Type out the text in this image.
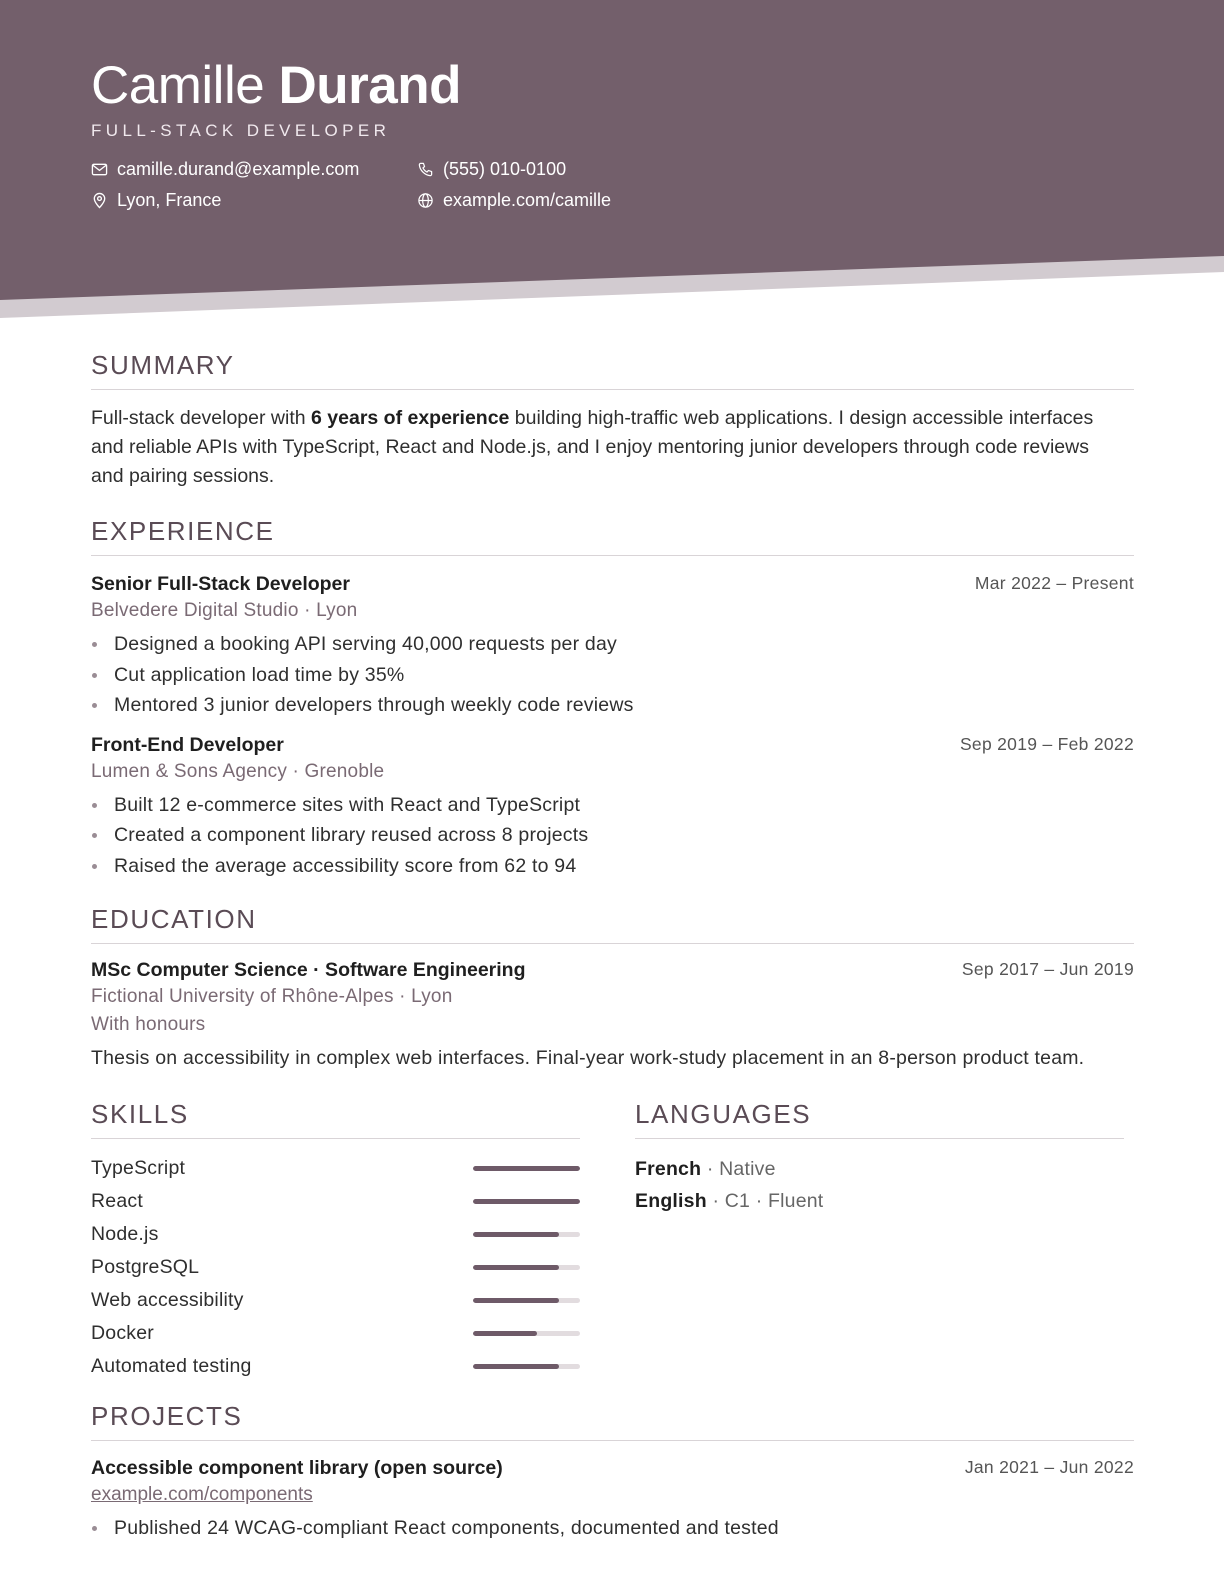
Camille Durand
FULL-STACK DEVELOPER
camille.durand@example.com	(555) 010-0100
Lyon, France	example.com/camille
SUMMARY

Full-stack developer with 6 years of experience building high-traffic web applications. I design accessible interfaces and reliable APIs with TypeScript, React and Node.js, and I enjoy mentoring junior developers through code reviews and pairing sessions.

EXPERIENCE
Senior Full-Stack Developer	Mar 2022 – Present
Belvedere Digital Studio · Lyon
Designed a booking API serving 40,000 requests per day
Cut application load time by 35%
Mentored 3 junior developers through weekly code reviews
Front-End Developer	Sep 2019 – Feb 2022
Lumen & Sons Agency · Grenoble
Built 12 e-commerce sites with React and TypeScript
Created a component library reused across 8 projects
Raised the average accessibility score from 62 to 94
EDUCATION
MSc Computer Science · Software Engineering	Sep 2017 – Jun 2019
Fictional University of Rhône-Alpes · Lyon
With honours

Thesis on accessibility in complex web interfaces. Final-year work-study placement in an 8-person product team.

SKILLS
TypeScript
React
Node.js
PostgreSQL
Web accessibility
Docker
Automated testing
LANGUAGES
French · Native
English · C1 · Fluent
PROJECTS
Accessible component library (open source)	Jan 2021 – Jun 2022
example.com/components
Published 24 WCAG-compliant React components, documented and tested
